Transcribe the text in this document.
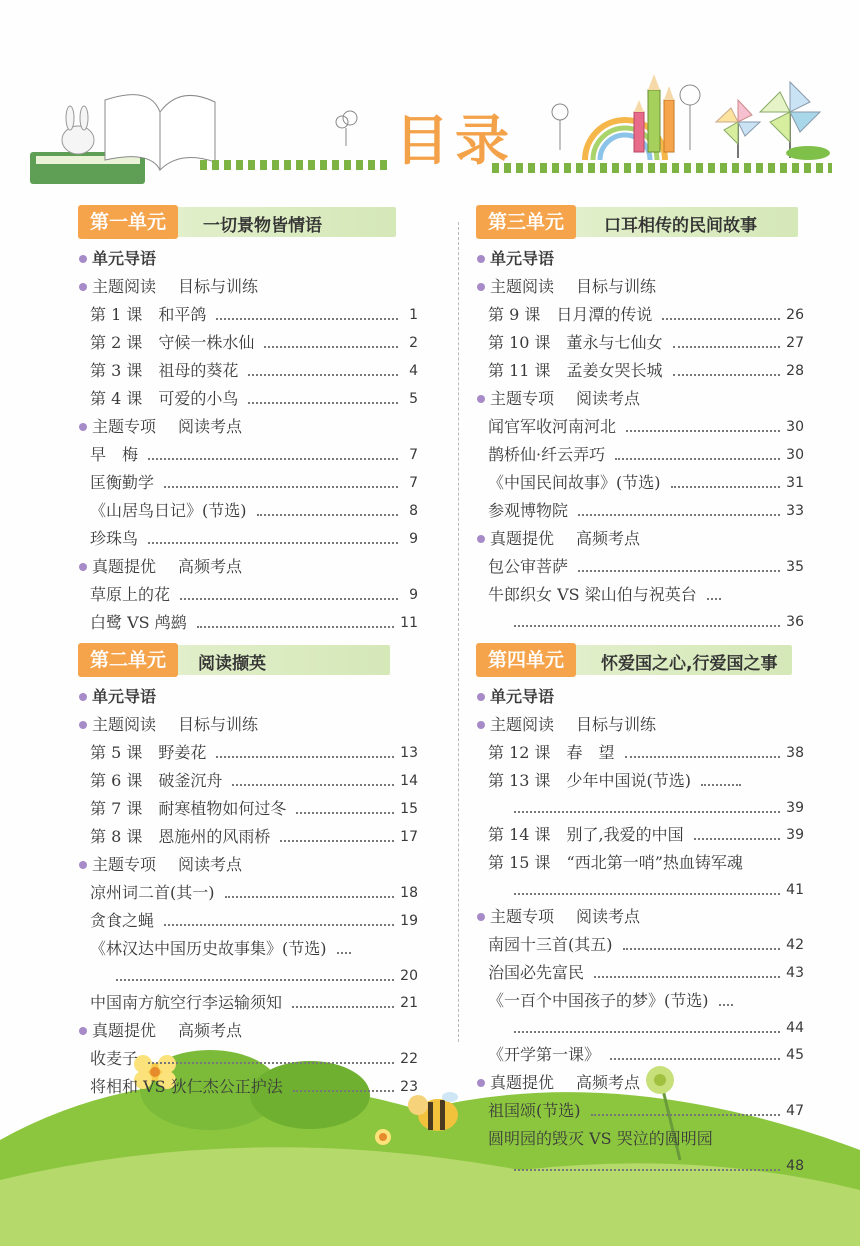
目录
第一单元	一切景物皆情语
单元导语
主题阅读 目标与训练
第 1 课　和平鸽	1
第 2 课　守候一株水仙	2
第 3 课　祖母的葵花	4
第 4 课　可爱的小鸟	5
主题专项 阅读考点
早　梅	7
匡衡勤学	7
《山居鸟日记》(节选)	8
珍珠鸟	9
真题提优 高频考点
草原上的花	9
白鹭 VS 鸬鹚	11
第二单元	阅读撷英
单元导语
主题阅读 目标与训练
第 5 课　野姜花	13
第 6 课　破釜沉舟	14
第 7 课　耐寒植物如何过冬	15
第 8 课　恩施州的风雨桥	17
主题专项 阅读考点
凉州词二首(其一)	18
贪食之蝇	19
《林汉达中国历史故事集》(节选)
20
中国南方航空行李运输须知	21
真题提优 高频考点
收麦子	22
将相和 VS 狄仁杰公正护法	23
第三单元	口耳相传的民间故事
单元导语
主题阅读 目标与训练
第 9 课　日月潭的传说	26
第 10 课　董永与七仙女	27
第 11 课　孟姜女哭长城	28
主题专项 阅读考点
闻官军收河南河北	30
鹊桥仙·纤云弄巧	30
《中国民间故事》(节选)	31
参观博物院	33
真题提优 高频考点
包公审菩萨	35
牛郎织女 VS 梁山伯与祝英台
36
第四单元	怀爱国之心,行爱国之事
单元导语
主题阅读 目标与训练
第 12 课　春　望	38
第 13 课　少年中国说(节选)
39
第 14 课　别了,我爱的中国	39
第 15 课　“西北第一哨”热血铸军魂
41
主题专项 阅读考点
南园十三首(其五)	42
治国必先富民	43
《一百个中国孩子的梦》(节选)
44
《开学第一课》	45
真题提优 高频考点
祖国颂(节选)	47
圆明园的毁灭 VS 哭泣的圆明园
48
